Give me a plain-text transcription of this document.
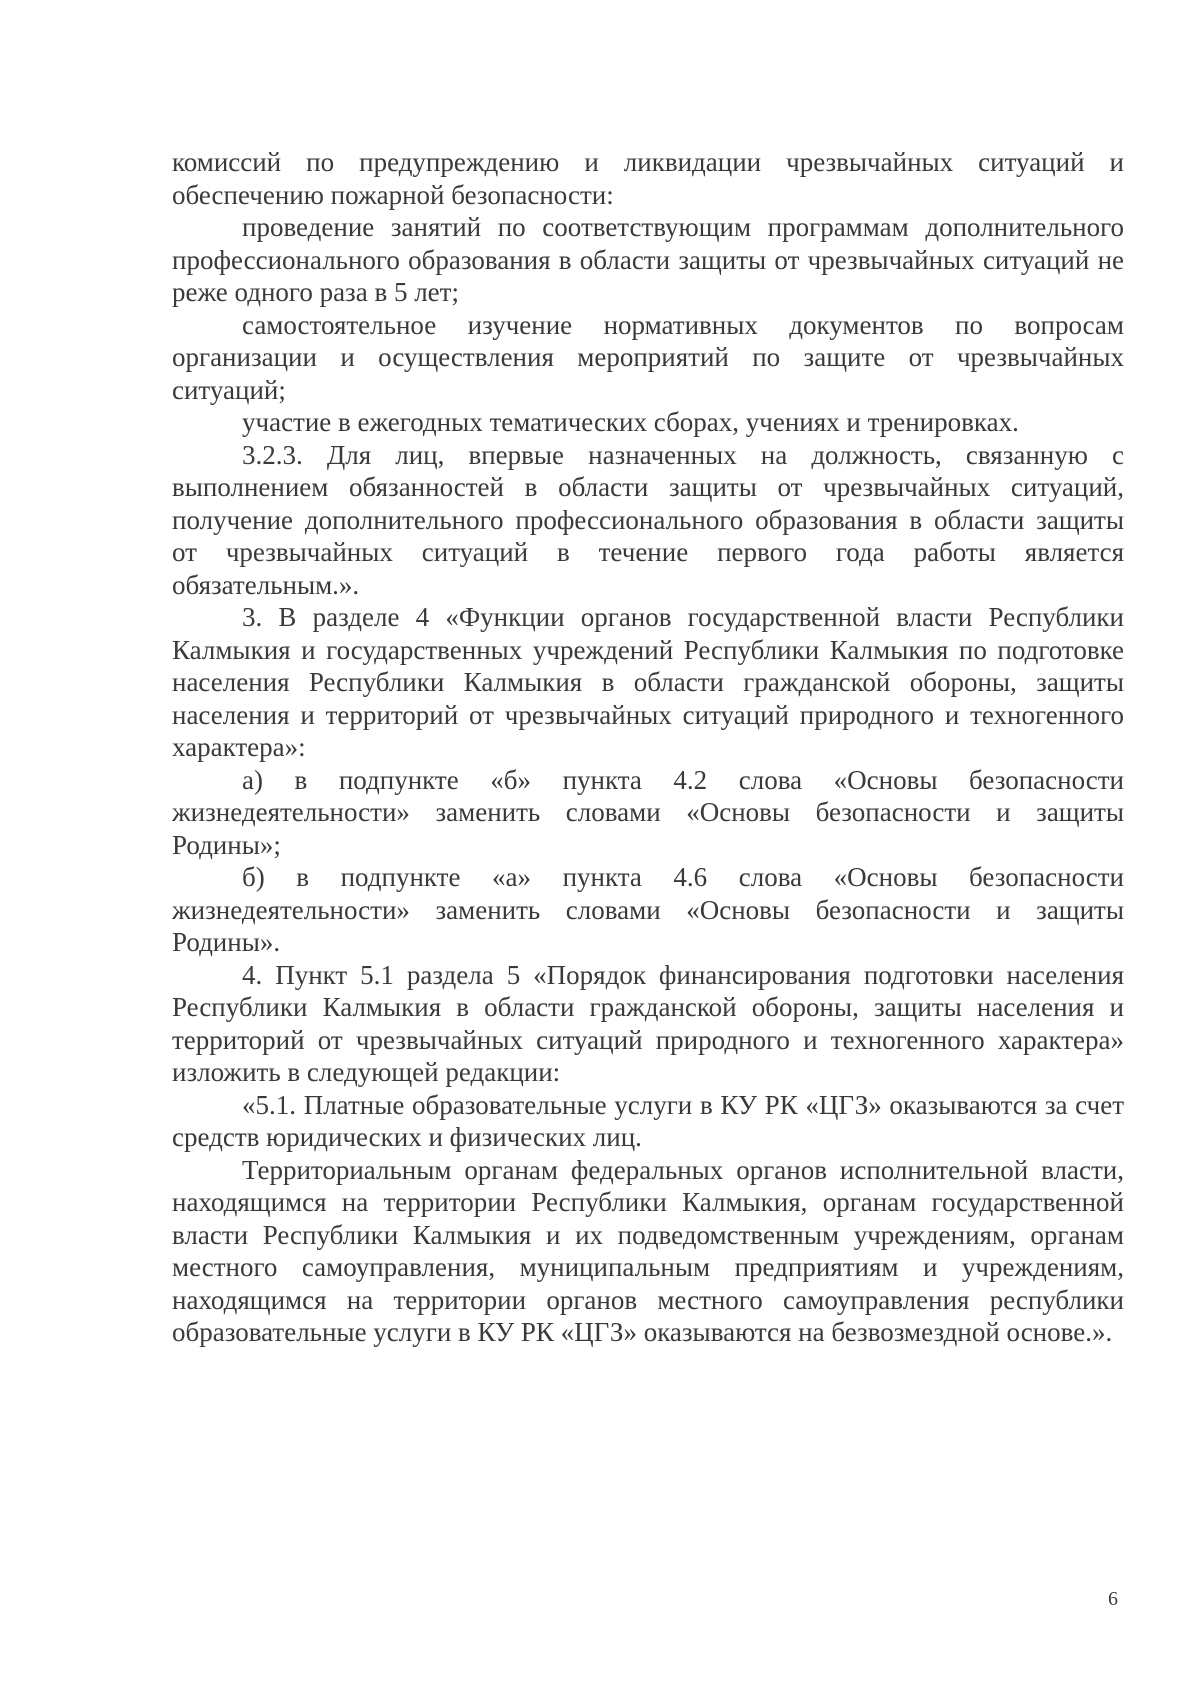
комиссий по предупреждению и ликвидации чрезвычайных ситуаций и обеспечению пожарной безопасности:

проведение занятий по соответствующим программам дополнительного профессионального образования в области защиты от чрезвычайных ситуаций не реже одного раза в 5 лет;

самостоятельное изучение нормативных документов по вопросам организации и осуществления мероприятий по защите от чрезвычайных ситуаций;

участие в ежегодных тематических сборах, учениях и тренировках.

3.2.3. Для лиц, впервые назначенных на должность, связанную с выполнением обязанностей в области защиты от чрезвычайных ситуаций, получение дополнительного профессионального образования в области защиты от чрезвычайных ситуаций в течение первого года работы является обязательным.».

3. В разделе 4 «Функции органов государственной власти Республики Калмыкия и государственных учреждений Республики Калмыкия по подготовке населения Республики Калмыкия в области гражданской обороны, защиты населения и территорий от чрезвычайных ситуаций природного и техногенного характера»:

а) в подпункте «б» пункта 4.2 слова «Основы безопасности жизнедеятельности» заменить словами «Основы безопасности и защиты Родины»;

б) в подпункте «а» пункта 4.6 слова «Основы безопасности жизнедеятельности» заменить словами «Основы безопасности и защиты Родины».

4. Пункт 5.1 раздела 5 «Порядок финансирования подготовки населения Республики Калмыкия в области гражданской обороны, защиты населения и территорий от чрезвычайных ситуаций природного и техногенного характера» изложить в следующей редакции:

«5.1. Платные образовательные услуги в КУ РК «ЦГЗ» оказываются за счет средств юридических и физических лиц.

Территориальным органам федеральных органов исполнительной власти, находящимся на территории Республики Калмыкия, органам государственной власти Республики Калмыкия и их подведомственным учреждениям, органам местного самоуправления, муниципальным предприятиям и учреждениям, находящимся на территории органов местного самоуправления республики образовательные услуги в КУ РК «ЦГЗ» оказываются на безвозмездной основе.».

6
